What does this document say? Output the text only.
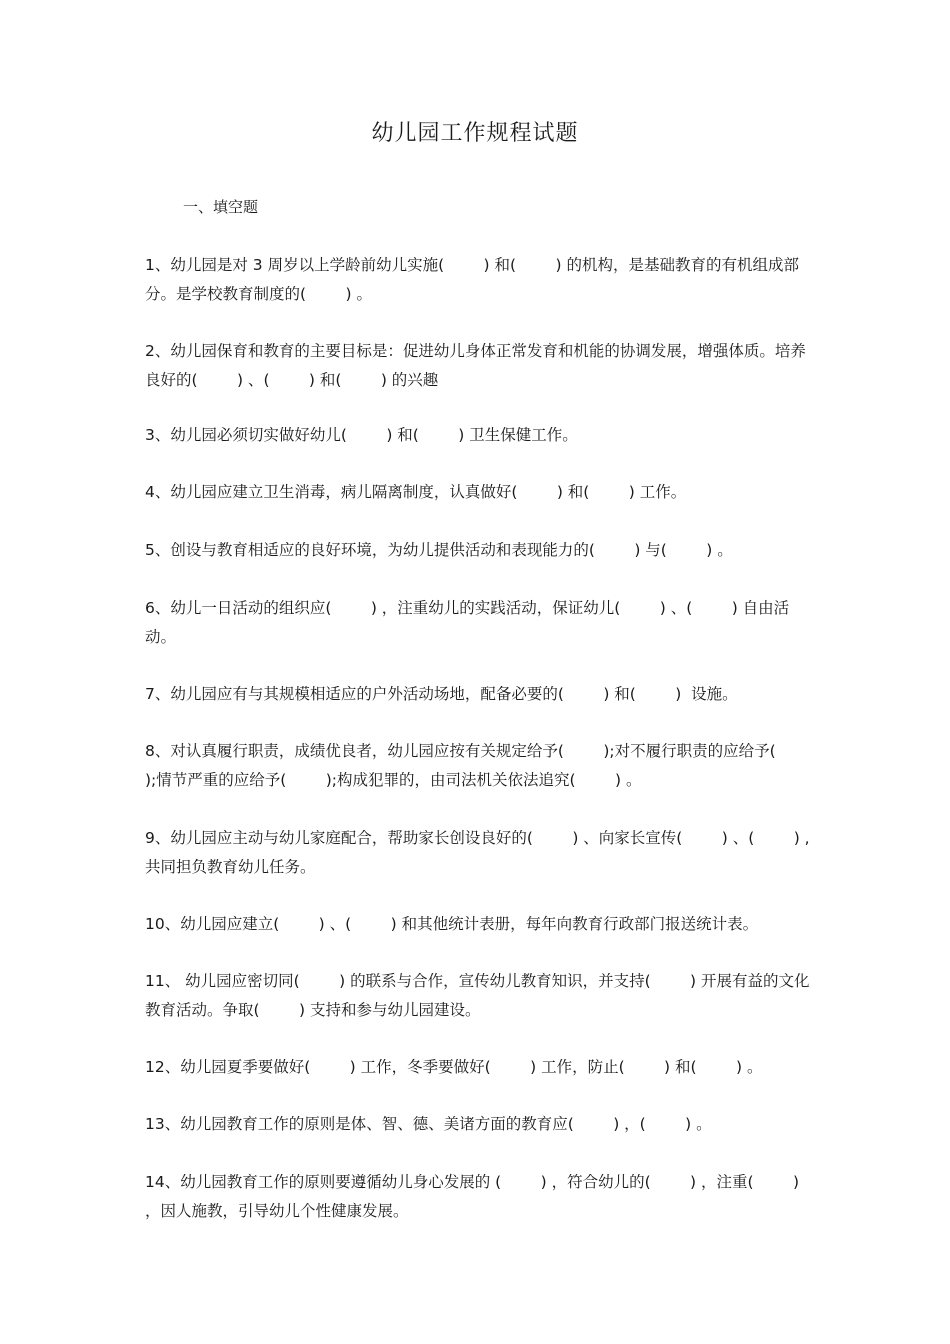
幼儿园工作规程试题
一、填空题
1、幼儿园是对 3 周岁以上学龄前幼儿实施(        ) 和(        ) 的机构，是基础教育的有机组成部分。是学校教育制度的(        ) 。
2、幼儿园保育和教育的主要目标是：促进幼儿身体正常发育和机能的协调发展，增强体质。培养良好的(        ) 、(        ) 和(        ) 的兴趣
3、幼儿园必须切实做好幼儿(        ) 和(        ) 卫生保健工作。
4、幼儿园应建立卫生消毒，病儿隔离制度，认真做好(        ) 和(        ) 工作。
5、创设与教育相适应的良好环境，为幼儿提供活动和表现能力的(        ) 与(        ) 。
6、幼儿一日活动的组织应(        ) ，注重幼儿的实践活动，保证幼儿(        ) 、(        ) 自由活动。
7、幼儿园应有与其规模相适应的户外活动场地，配备必要的(        ) 和(        )  设施。
8、对认真履行职责，成绩优良者，幼儿园应按有关规定给予(        );对不履行职责的应给予(        );情节严重的应给予(        );构成犯罪的，由司法机关依法追究(        ) 。
9、幼儿园应主动与幼儿家庭配合，帮助家长创设良好的(        ) 、向家长宣传(        ) 、(        ) ,共同担负教育幼儿任务。
10、幼儿园应建立(        ) 、(        ) 和其他统计表册，每年向教育行政部门报送统计表。
11、 幼儿园应密切同(        ) 的联系与合作，宣传幼儿教育知识，并支持(        ) 开展有益的文化教育活动。争取(        ) 支持和参与幼儿园建设。
12、幼儿园夏季要做好(        ) 工作，冬季要做好(        ) 工作，防止(        ) 和(        ) 。
13、幼儿园教育工作的原则是体、智、德、美诸方面的教育应(        ) ，(        ) 。
14、幼儿园教育工作的原则要遵循幼儿身心发展的 (        ) ，符合幼儿的(        ) ，注重(        ) ，因人施教，引导幼儿个性健康发展。
